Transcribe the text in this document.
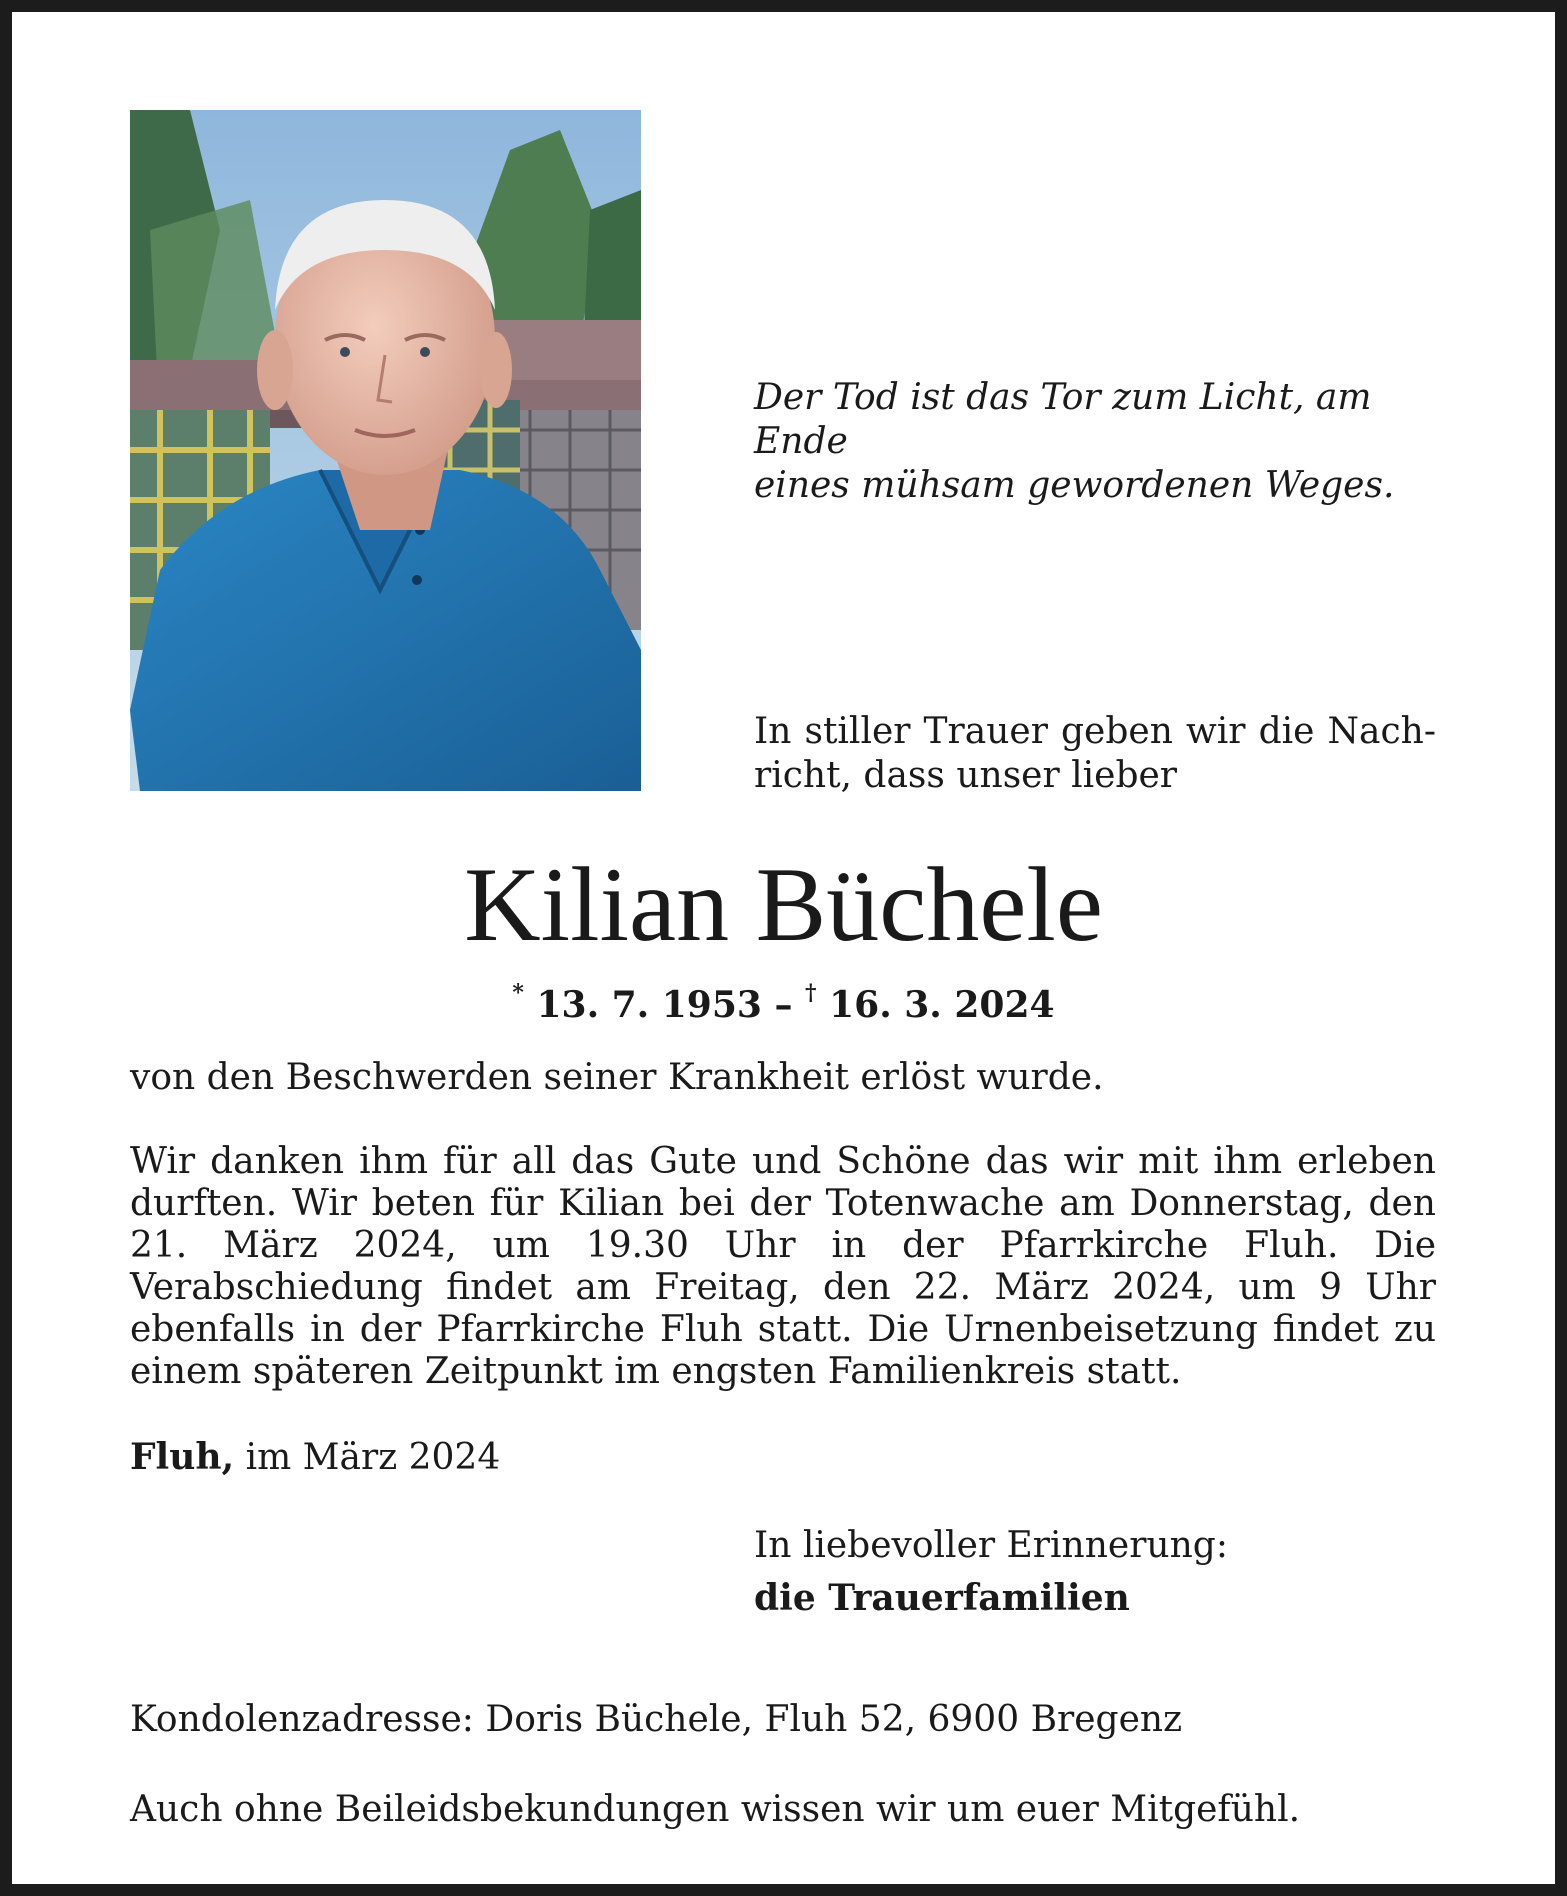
Der Tod ist das Tor zum Licht, am Ende
eines mühsam gewordenen Weges.
In stiller Trauer geben wir die Nach-
richt, dass unser lieber
Kilian Büchele
* 13. 7. 1953 – † 16. 3. 2024
von den Beschwerden seiner Krankheit erlöst wurde.
Wir danken ihm für all das Gute und Schöne das wir mit ihm erleben durften. Wir beten für Kilian bei der Totenwache am Donnerstag, den 21. März 2024, um 19.30 Uhr in der Pfarrkirche Fluh. Die Verabschiedung findet am Freitag, den 22. März 2024, um 9 Uhr ebenfalls in der Pfarrkirche Fluh statt. Die Urnenbeisetzung findet zu einem späteren Zeitpunkt im engsten Familienkreis statt.
Fluh, im März 2024
In liebevoller Erinnerung:
die Trauerfamilien
Kondolenzadresse: Doris Büchele, Fluh 52, 6900 Bregenz
Auch ohne Beileidsbekundungen wissen wir um euer Mitgefühl.
